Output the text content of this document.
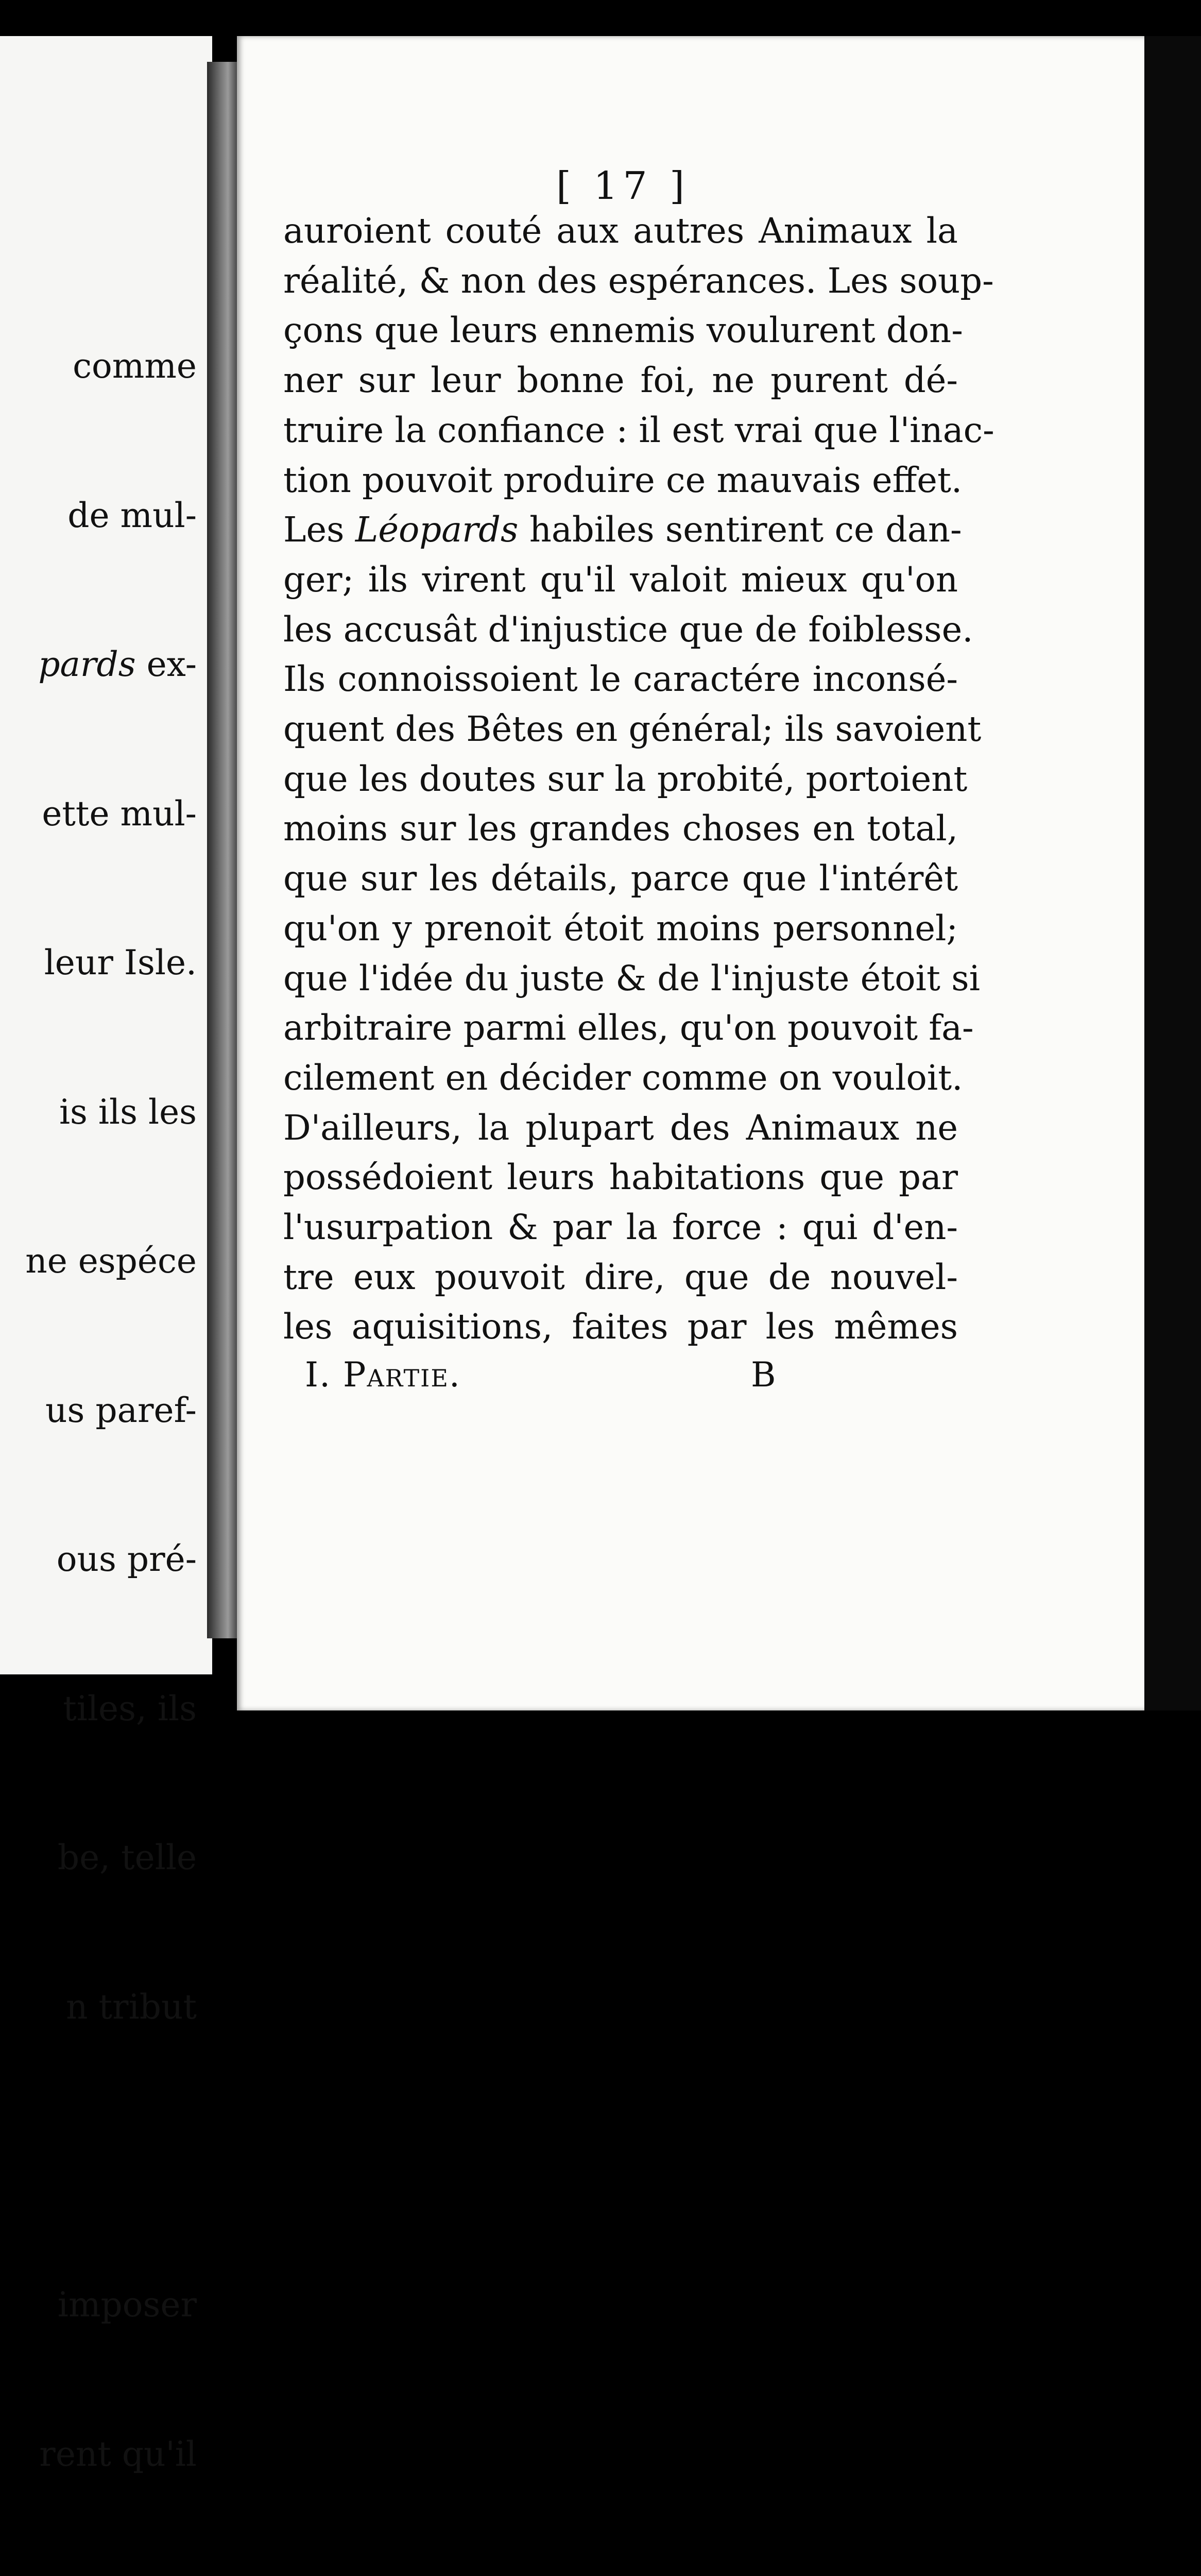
comme

de mul-

pards ex-

ette mul-

leur Isle.

is ils les

ne espéce

us paref-

ous pré-

tiles, ils

be, telle

n tribut

imposer

rent qu'il

[ 17 ]
auroient couté aux autres Animaux la
réalité, & non des espérances. Les soup-
çons que leurs ennemis voulurent don-
ner sur leur bonne foi, ne purent dé-
truire la confiance : il est vrai que l'inac-
tion pouvoit produire ce mauvais effet.
Les Léopards habiles sentirent ce dan-
ger; ils virent qu'il valoit mieux qu'on
les accusât d'injustice que de foiblesse.
Ils connoissoient le caractére inconsé-
quent des Bêtes en général; ils savoient
que les doutes sur la probité, portoient
moins sur les grandes choses en total,
que sur les détails, parce que l'intérêt
qu'on y prenoit étoit moins personnel;
que l'idée du juste & de l'injuste étoit si
arbitraire parmi elles, qu'on pouvoit fa-
cilement en décider comme on vouloit.
D'ailleurs, la plupart des Animaux ne
possédoient leurs habitations que par
l'usurpation & par la force : qui d'en-
tre eux pouvoit dire, que de nouvel-
les aquisitions, faites par les mêmes
I. Partie.	B
